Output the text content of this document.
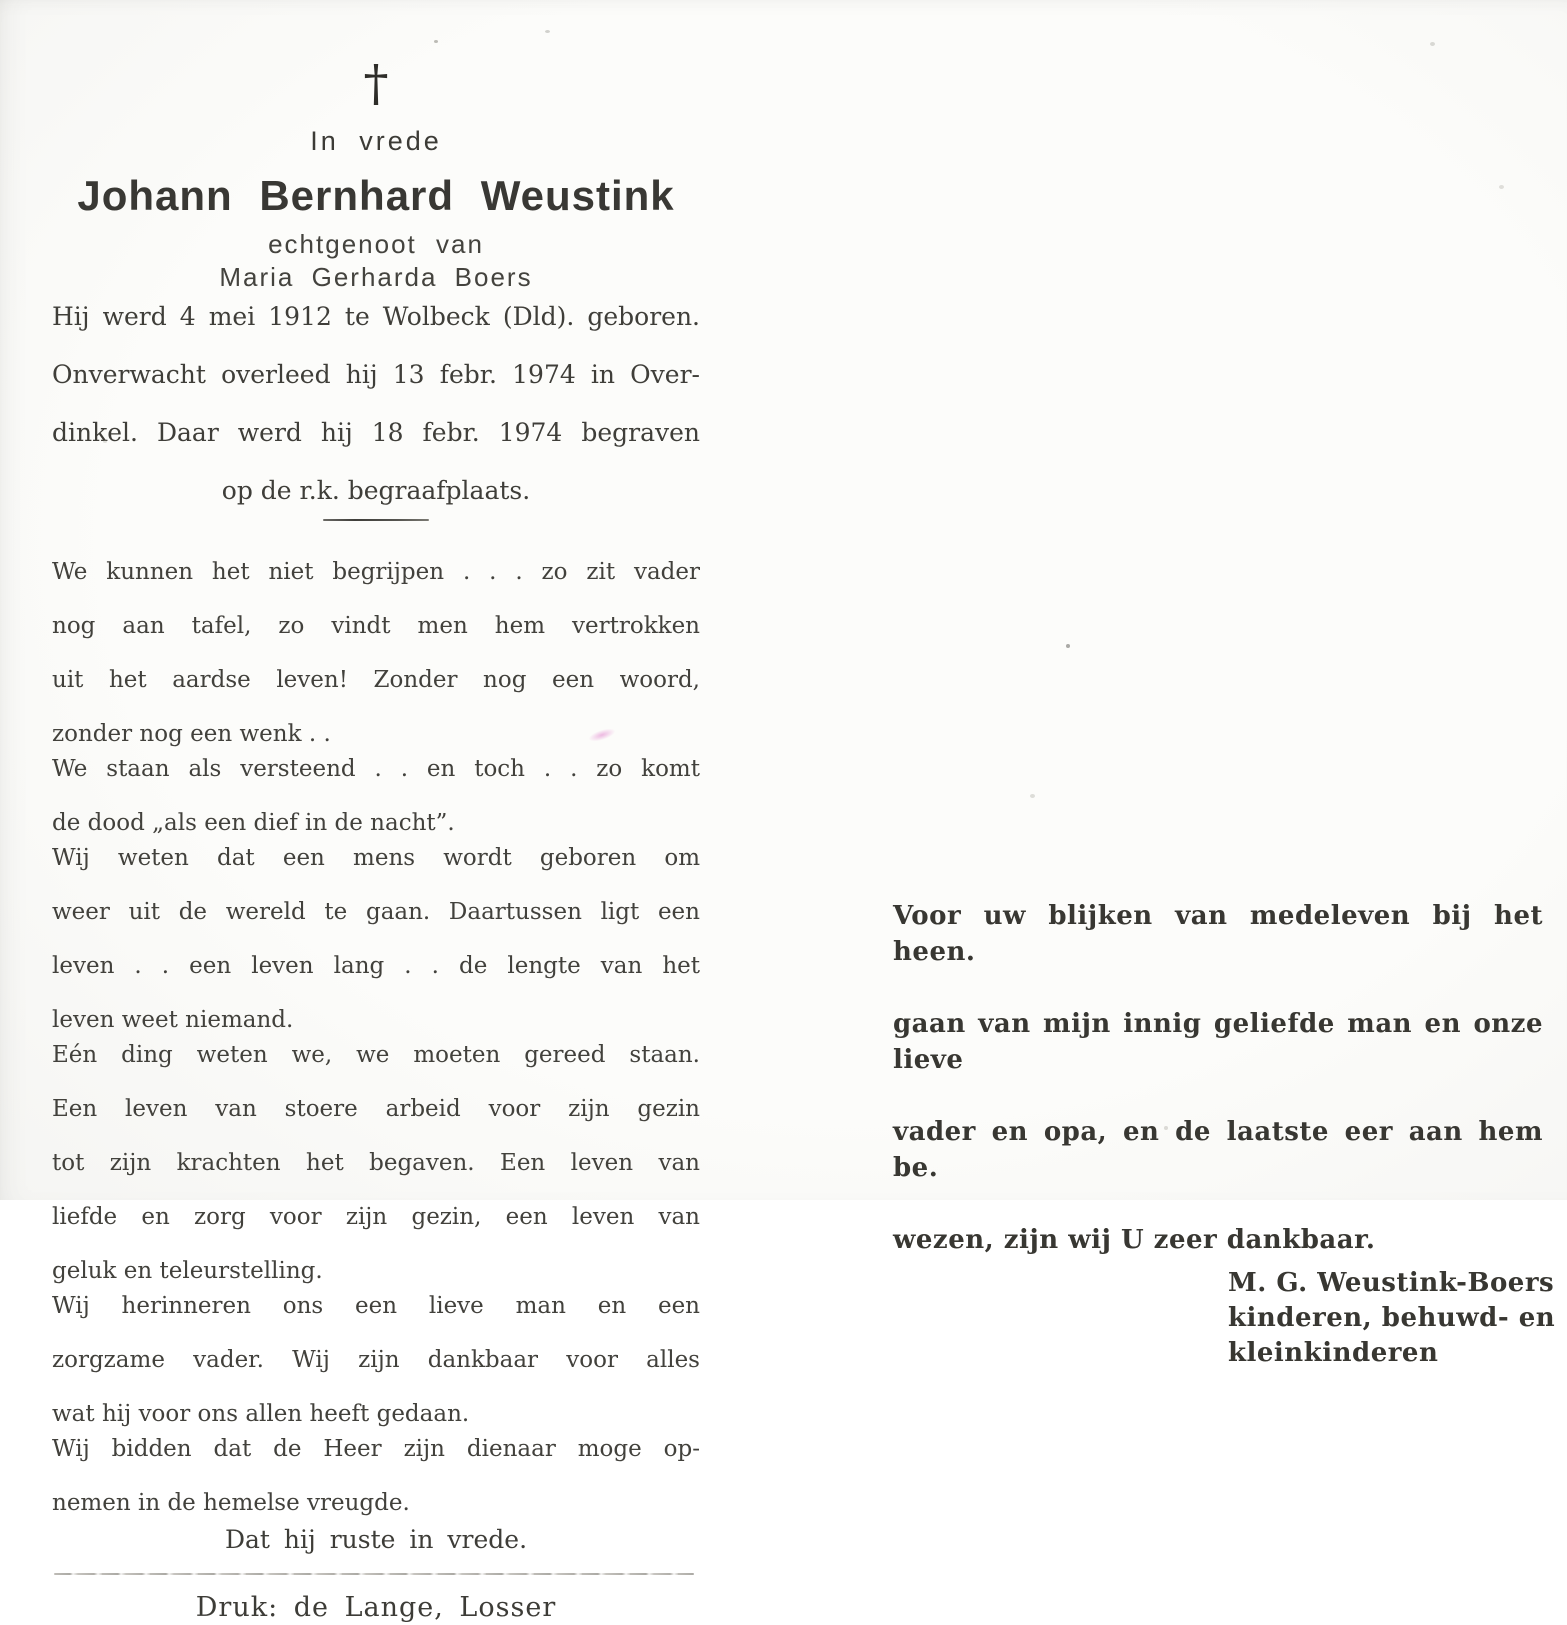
†
In vrede
Johann Bernhard Weustink
echtgenoot van
Maria Gerharda Boers
Hij werd 4 mei 1912 te Wolbeck (Dld). geboren.
Onverwacht overleed hij 13 febr. 1974 in Over-
dinkel. Daar werd hij 18 febr. 1974 begraven
op de r.k. begraafplaats.
We kunnen het niet begrijpen . . . zo zit vader
nog aan tafel, zo vindt men hem vertrokken
uit het aardse leven! Zonder nog een woord,
zonder nog een wenk . .
We staan als versteend . . en toch . . zo komt
de dood „als een dief in de nacht”.
Wij weten dat een mens wordt geboren om
weer uit de wereld te gaan. Daartussen ligt een
leven . . een leven lang . . de lengte van het
leven weet niemand.
Eén ding weten we, we moeten gereed staan.
Een leven van stoere arbeid voor zijn gezin
tot zijn krachten het begaven. Een leven van
liefde en zorg voor zijn gezin, een leven van
geluk en teleurstelling.
Wij herinneren ons een lieve man en een
zorgzame vader. Wij zijn dankbaar voor alles
wat hij voor ons allen heeft gedaan.
Wij bidden dat de Heer zijn dienaar moge op-
nemen in de hemelse vreugde.
Dat hij ruste in vrede.
Druk: de Lange, Losser
Voor uw blijken van medeleven bij het heen.
gaan van mijn innig geliefde man en onze lieve
vader en opa, en de laatste eer aan hem be.
wezen, zijn wij U zeer dankbaar.
M. G. Weustink-Boers
kinderen, behuwd- en
kleinkinderen
